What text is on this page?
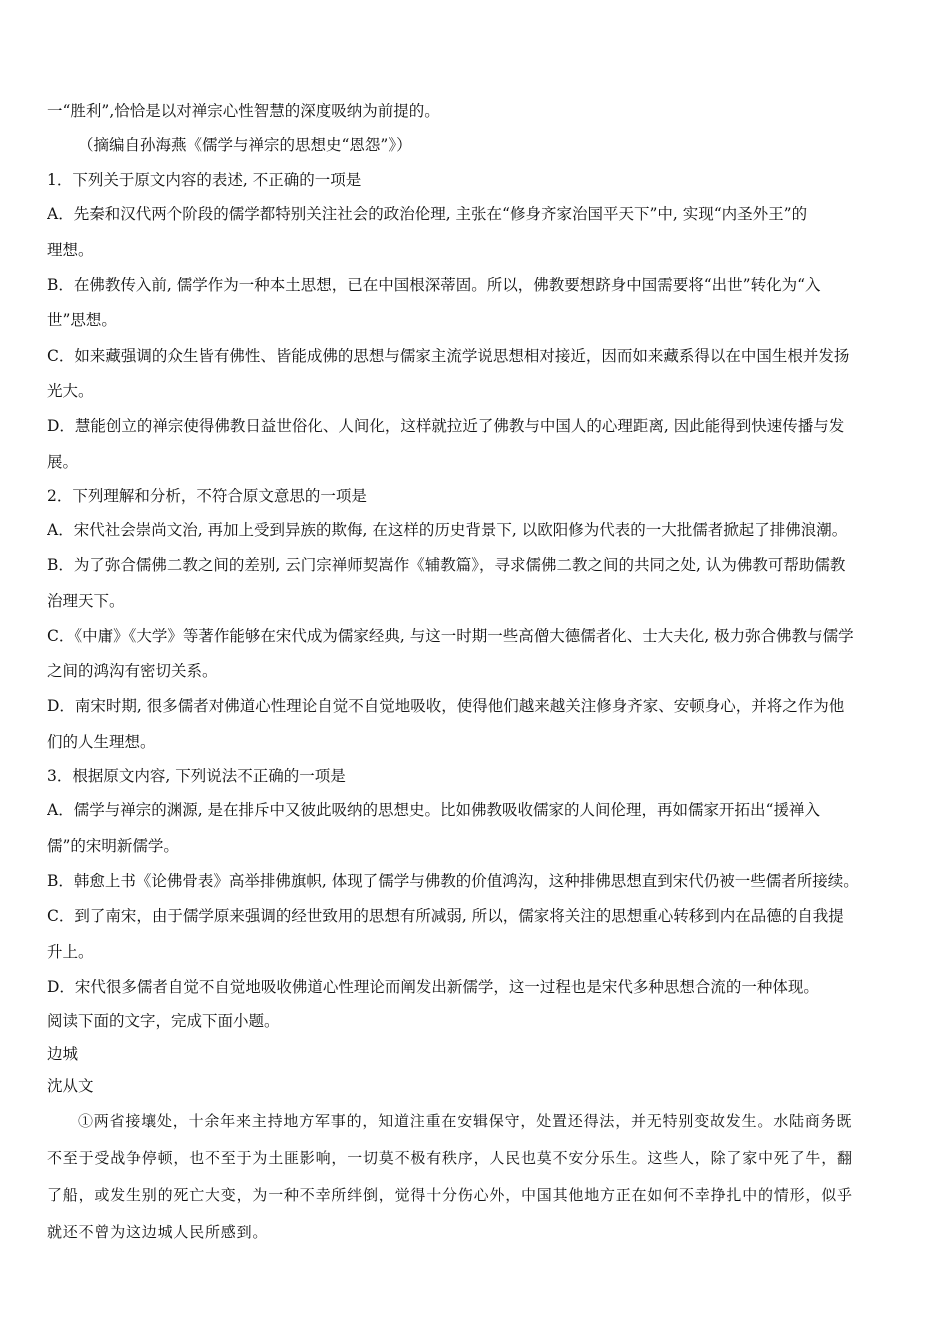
一“胜利”,恰恰是以对禅宗心性智慧的深度吸纳为前提的。
（摘编自孙海燕《儒学与禅宗的思想史“恩怨”》）
1．下列关于原文内容的表述, 不正确的一项是
A．先秦和汉代两个阶段的儒学都特别关注社会的政治伦理, 主张在“修身齐家治国平天下”中, 实现“内圣外王”的
理想。
B．在佛教传入前, 儒学作为一种本土思想，已在中国根深蒂固。所以，佛教要想跻身中国需要将“出世”转化为“入
世”思想。
C．如来藏强调的众生皆有佛性、皆能成佛的思想与儒家主流学说思想相对接近，因而如来藏系得以在中国生根并发扬
光大。
D．慧能创立的禅宗使得佛教日益世俗化、人间化，这样就拉近了佛教与中国人的心理距离, 因此能得到快速传播与发
展。
2．下列理解和分析，不符合原文意思的一项是
A．宋代社会崇尚文治, 再加上受到异族的欺侮, 在这样的历史背景下, 以欧阳修为代表的一大批儒者掀起了排佛浪潮。
B．为了弥合儒佛二教之间的差别, 云门宗禅师契嵩作《辅教篇》，寻求儒佛二教之间的共同之处, 认为佛教可帮助儒教
治理天下。
C．《中庸》《大学》等著作能够在宋代成为儒家经典, 与这一时期一些高僧大德儒者化、士大夫化, 极力弥合佛教与儒学
之间的鸿沟有密切关系。
D．南宋时期, 很多儒者对佛道心性理论自觉不自觉地吸收，使得他们越来越关注修身齐家、安顿身心，并将之作为他
们的人生理想。
3．根据原文内容, 下列说法不正确的一项是
A．儒学与禅宗的渊源, 是在排斥中又彼此吸纳的思想史。比如佛教吸收儒家的人间伦理，再如儒家开拓出“援禅入
儒”的宋明新儒学。
B．韩愈上书《论佛骨表》高举排佛旗帜, 体现了儒学与佛教的价值鸿沟，这种排佛思想直到宋代仍被一些儒者所接续。
C．到了南宋，由于儒学原来强调的经世致用的思想有所减弱, 所以，儒家将关注的思想重心转移到内在品德的自我提
升上。
D．宋代很多儒者自觉不自觉地吸收佛道心性理论而阐发出新儒学，这一过程也是宋代多种思想合流的一种体现。
阅读下面的文字，完成下面小题。
边城
沈从文
①两省接壤处，十余年来主持地方军事的，知道注重在安辑保守，处置还得法，并无特别变故发生。水陆商务既
不至于受战争停顿，也不至于为土匪影响，一切莫不极有秩序，人民也莫不安分乐生。这些人，除了家中死了牛，翻
了船，或发生别的死亡大变，为一种不幸所绊倒，觉得十分伤心外，中国其他地方正在如何不幸挣扎中的情形，似乎
就还不曾为这边城人民所感到。
